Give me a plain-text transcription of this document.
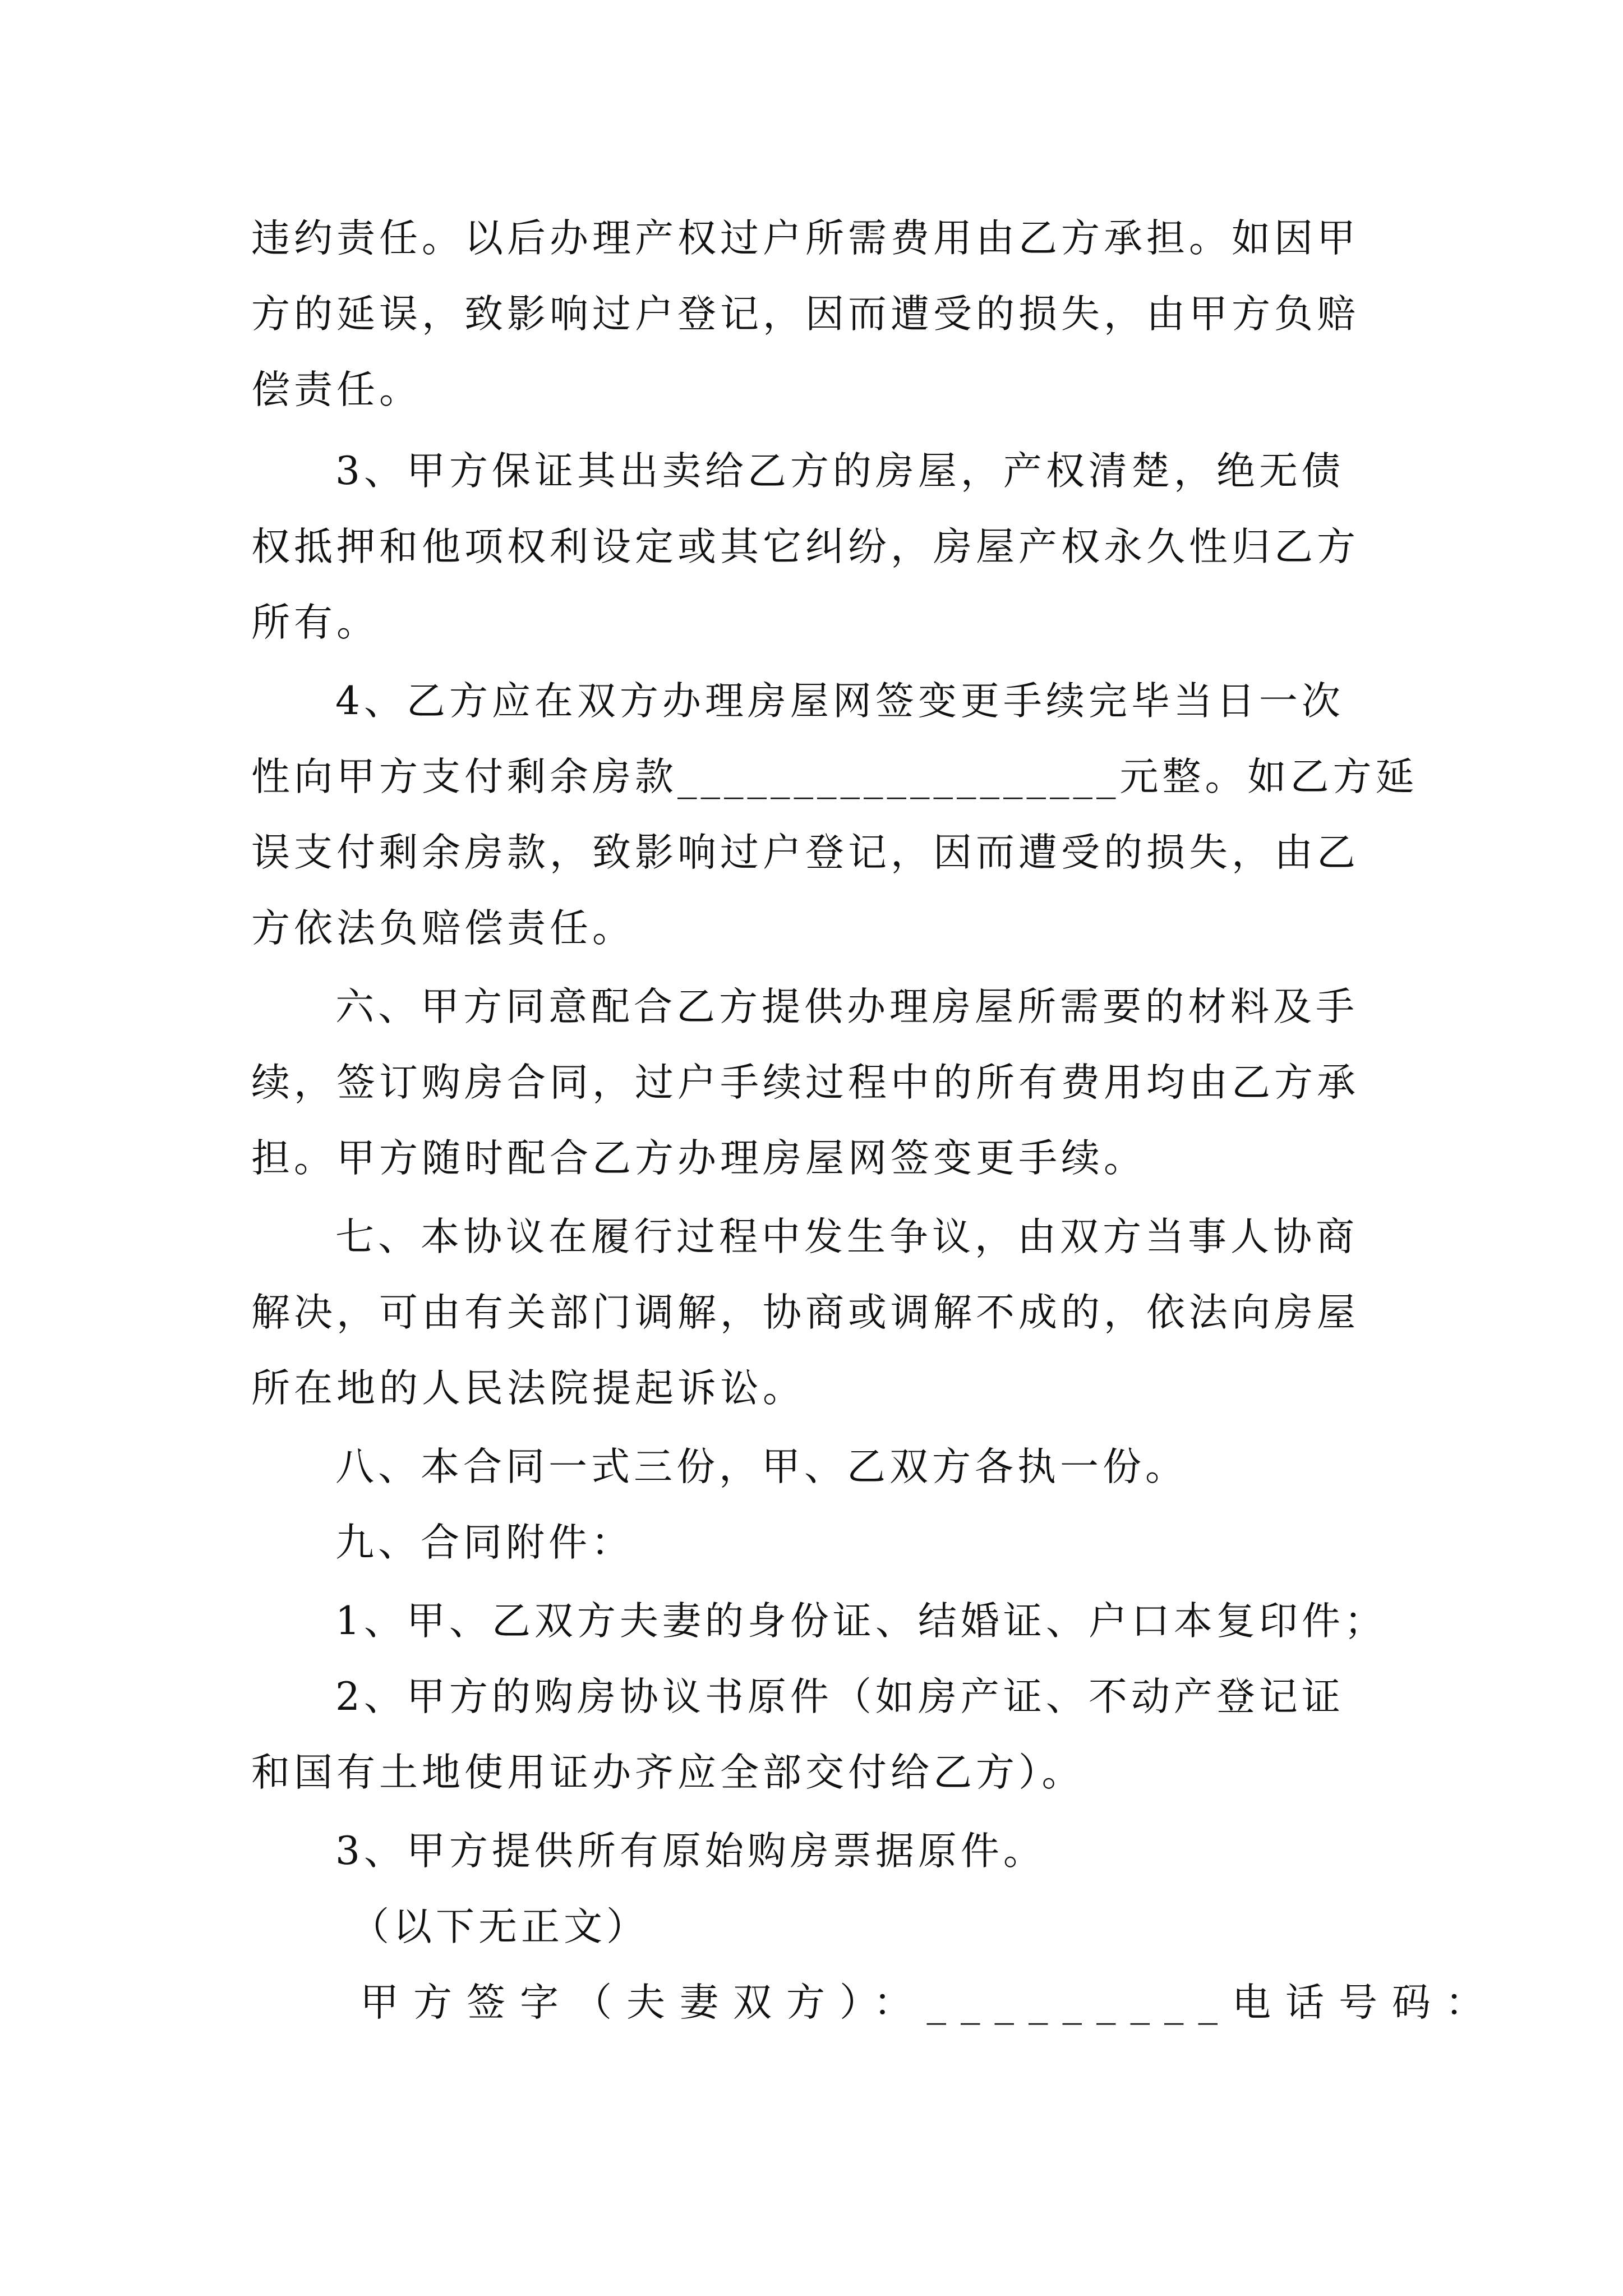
违约责任。以后办理产权过户所需费用由乙方承担。如因甲
方的延误，致影响过户登记，因而遭受的损失，由甲方负赔
偿责任。
3、甲方保证其出卖给乙方的房屋，产权清楚，绝无债
权抵押和他项权利设定或其它纠纷，房屋产权永久性归乙方
所有。
4、乙方应在双方办理房屋网签变更手续完毕当日一次
性向甲方支付剩余房款___________________元整。如乙方延
误支付剩余房款，致影响过户登记，因而遭受的损失，由乙
方依法负赔偿责任。
六、甲方同意配合乙方提供办理房屋所需要的材料及手
续，签订购房合同，过户手续过程中的所有费用均由乙方承
担。甲方随时配合乙方办理房屋网签变更手续。
七、本协议在履行过程中发生争议，由双方当事人协商
解决，可由有关部门调解，协商或调解不成的，依法向房屋
所在地的人民法院提起诉讼。
八、本合同一式三份，甲、乙双方各执一份。
九、合同附件：
1、甲、乙双方夫妻的身份证、结婚证、户口本复印件；
2、甲方的购房协议书原件（如房产证、不动产登记证
和国有土地使用证办齐应全部交付给乙方）。
3、甲方提供所有原始购房票据原件。
（以下无正文）
甲方签字（夫妻双方）：_________电话号码：
